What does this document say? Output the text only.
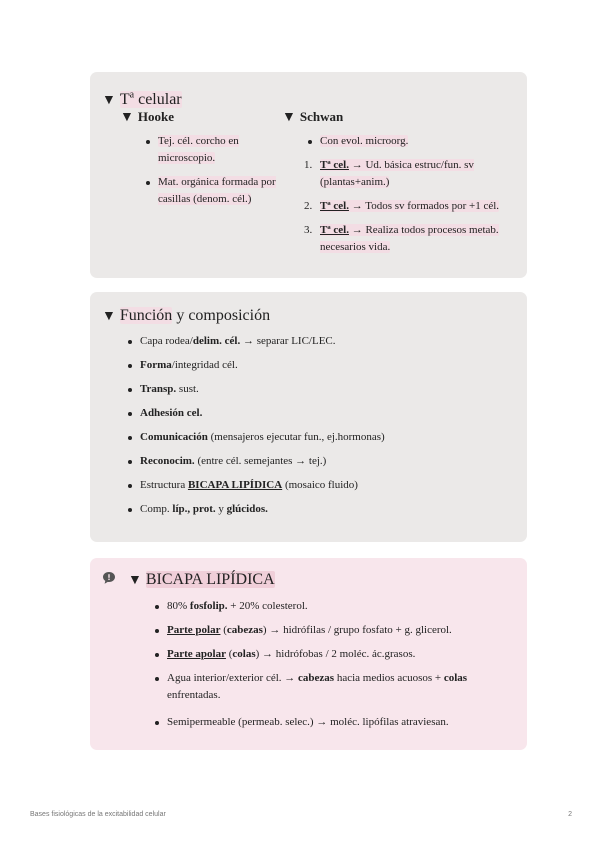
▼ $T^a$ celular
▼ Hooke
Tej. cél. corcho en microscopio.
Mat. orgánica formada por casillas (denom. cél.)
▼ Schwan
Con evol. microorg.
1. Tª cel. → Ud. básica estruc/fun. sv (plantas+anim.)
2. Tª cel. → Todos sv formados por +1 cél.
3. Tª cel. → Realiza todos procesos metab. necesarios vida.
▼ Función y composición
Capa rodea/delim. cél. → separar LIC/LEC.
Forma/integridad cél.
Transp. sust.
Adhesión cel.
Comunicación (mensajeros ejecutar fun., ej.hormonas)
Reconocim. (entre cél. semejantes → tej.)
Estructura BICAPA LIPÍDICA (mosaico fluido)
Comp. líp., prot. y glúcidos.
▼ BICAPA LIPÍDICA
80% fosfolip. + 20% colesterol.
Parte polar (cabezas) → hidrófilas / grupo fosfato + g. glicerol.
Parte apolar (colas) → hidrófobas / 2 moléc. ác.grasos.
Agua interior/exterior cél. → cabezas hacia medios acuosos + colas enfrentadas.
Semipermeable (permeab. selec.) → moléc. lipófilas atraviesan.
Bases fisiológicas de la excitabilidad celular	2
